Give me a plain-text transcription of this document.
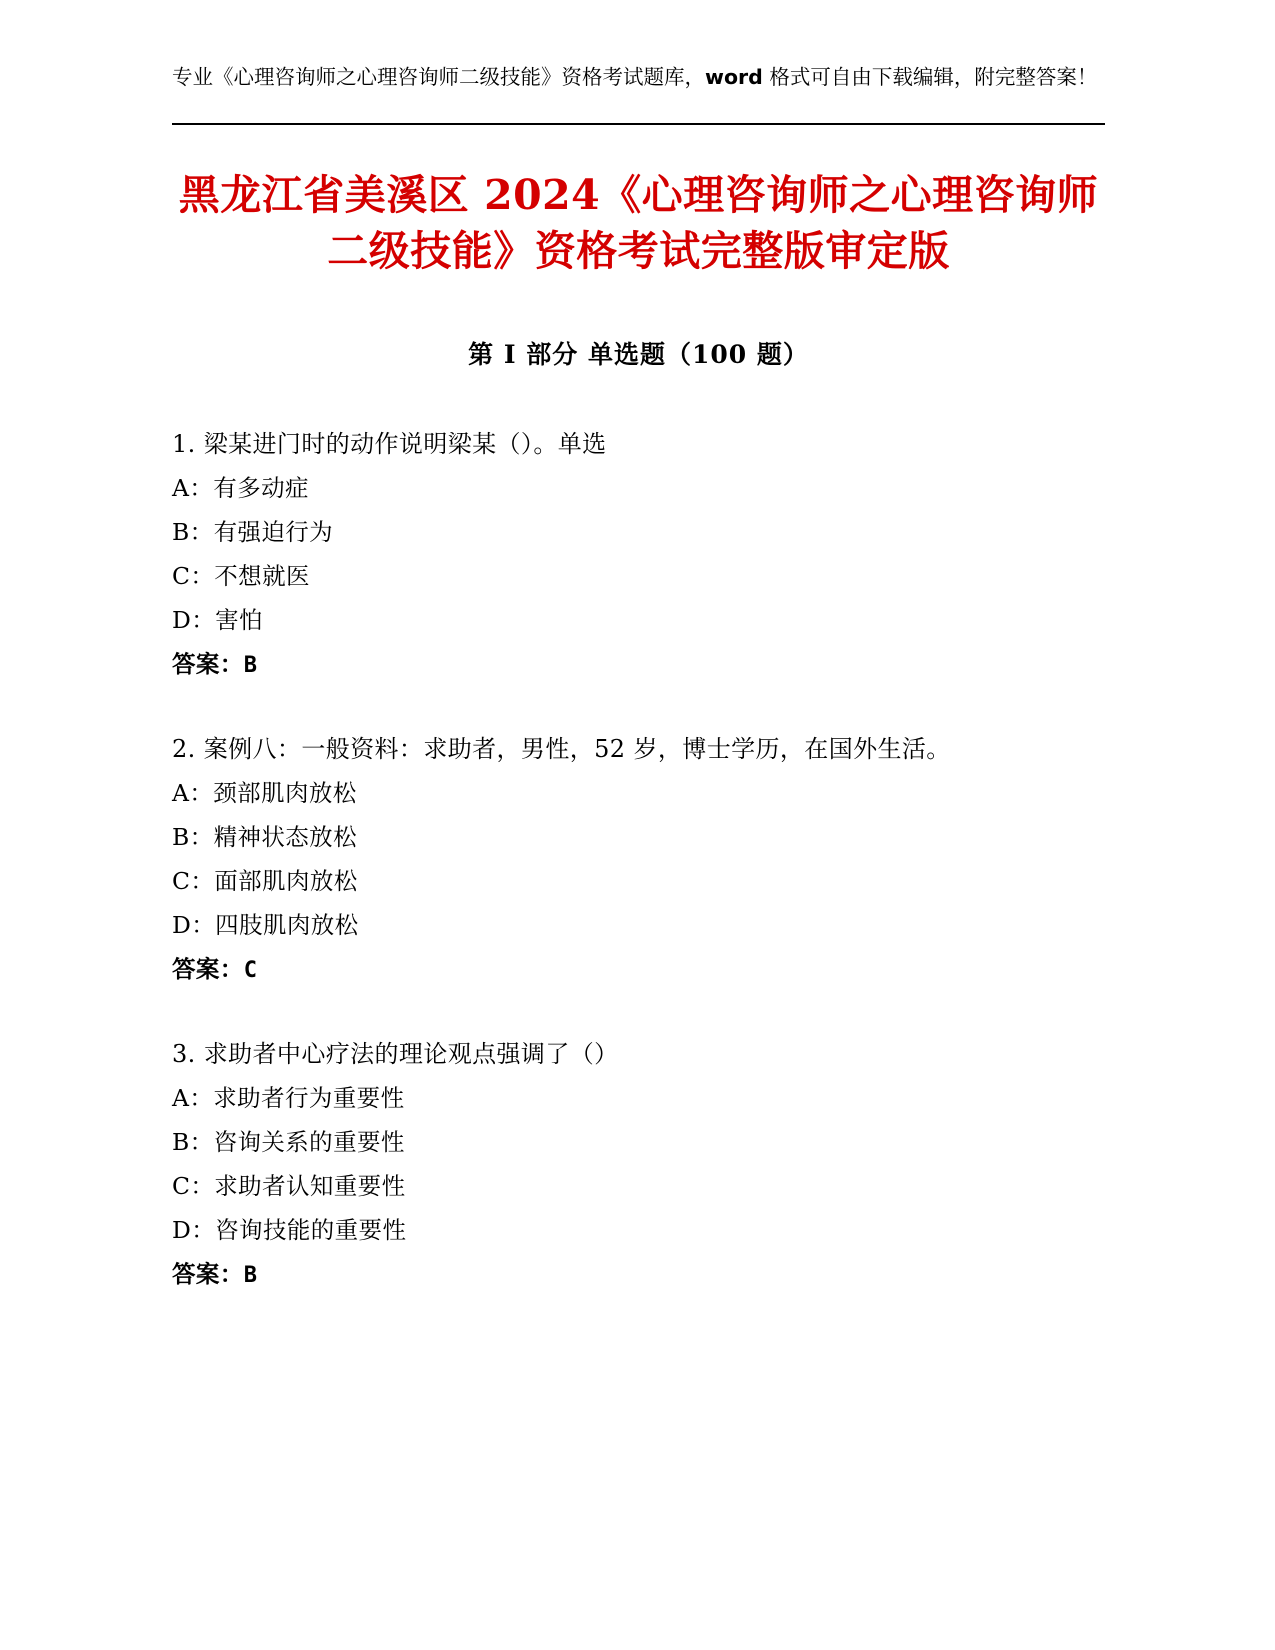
专业《心理咨询师之心理咨询师二级技能》资格考试题库，word 格式可自由下载编辑，附完整答案！

黑龙江省美溪区 2024《心理咨询师之心理咨询师二级技能》资格考试完整版审定版
第 I 部分 单选题（100 题）

1. 梁某进门时的动作说明梁某（）。单选

A：有多动症

B：有强迫行为

C：不想就医

D：害怕

答案：B

2. 案例八：一般资料：求助者，男性，52 岁，博士学历，在国外生活。

A：颈部肌肉放松

B：精神状态放松

C：面部肌肉放松

D：四肢肌肉放松

答案：C

3. 求助者中心疗法的理论观点强调了（）

A：求助者行为重要性

B：咨询关系的重要性

C：求助者认知重要性

D：咨询技能的重要性

答案：B
